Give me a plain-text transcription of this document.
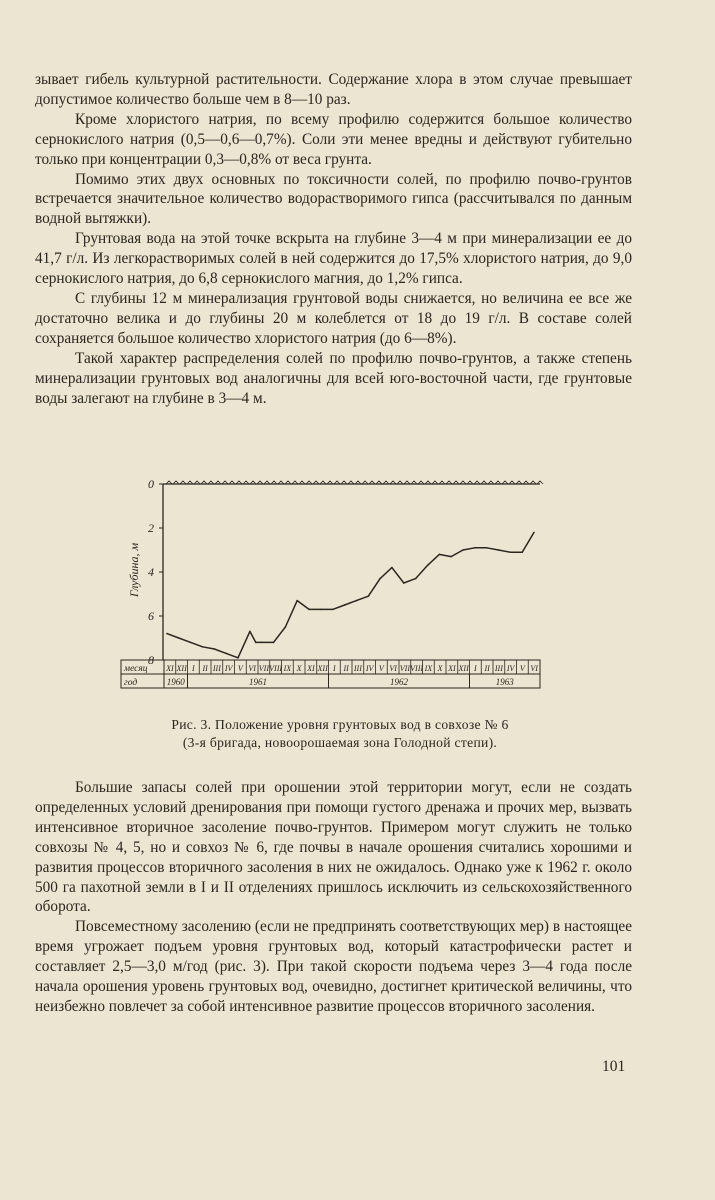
зывает гибель культурной растительности. Содержание хлора в этом случае превышает допустимое количество больше чем в 8—10 раз.

Кроме хлористого натрия, по всему профилю содержится большое количество сернокислого натрия (0,5—0,6—0,7%). Соли эти менее вредны и действуют губительно только при концентрации 0,3—0,8% от веса грунта.

Помимо этих двух основных по токсичности солей, по профилю почво-грунтов встречается значительное количество водорастворимого гипса (рассчитывался по данным водной вытяжки).

Грунтовая вода на этой точке вскрыта на глубине 3—4 м при минерализации ее до 41,7 г/л. Из легкорастворимых солей в ней содержится до 17,5% хлористого натрия, до 9,0 сернокислого натрия, до 6,8 сернокислого магния, до 1,2% гипса.

С глубины 12 м минерализация грунтовой воды снижается, но величина ее все же достаточно велика и до глубины 20 м колеблется от 18 до 19 г/л. В составе солей сохраняется большое количество хлористого натрия (до 6—8%).

Такой характер распределения солей по профилю почво-грунтов, а также степень минерализации грунтовых вод аналогичны для всей юго-восточной части, где грунтовые воды залегают на глубине в 3—4 м.

0
2
4
6
8
Глубина, м
месяц XI XII I II III IV V VI VII VIII IX X XI XII I II III IV V VI VII VIII IX X XI XII I II III IV V VI
год	1960	1961	1962	1963
Рис. 3. Положение уровня грунтовых вод в совхозе № 6
(3-я бригада, новоорошаемая зона Голодной степи).

Большие запасы солей при орошении этой территории могут, если не создать определенных условий дренирования при помощи густого дренажа и прочих мер, вызвать интенсивное вторичное засоление почво-грунтов. Примером могут служить не только совхозы № 4, 5, но и совхоз № 6, где почвы в начале орошения считались хорошими и развития процессов вторичного засоления в них не ожидалось. Однако уже к 1962 г. около 500 га пахотной земли в I и II отделениях пришлось исключить из сельскохозяйственного оборота.

Повсеместному засолению (если не предпринять соответствующих мер) в настоящее время угрожает подъем уровня грунтовых вод, который катастрофически растет и составляет 2,5—3,0 м/год (рис. 3). При такой скорости подъема через 3—4 года после начала орошения уровень грунтовых вод, очевидно, достигнет критической величины, что неизбежно повлечет за собой интенсивное развитие процессов вторичного засоления.

101
